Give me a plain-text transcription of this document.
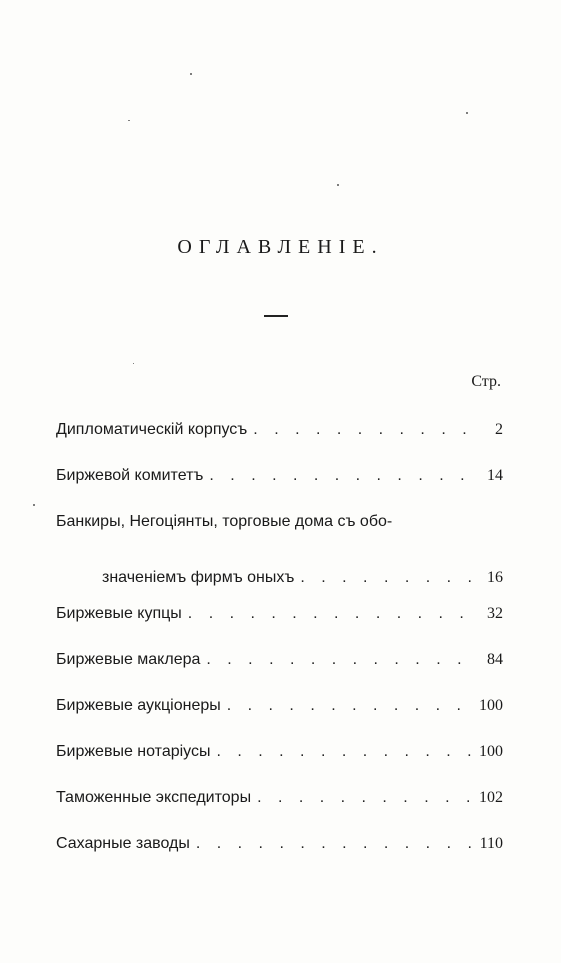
ОГЛАВЛЕНІЕ.
Стр.
Дипломатическій корпусъ . . .	2
Биржевой комитетъ . . .	14
Банкиры, Негоціянты, торговые дома съ обо-
значеніемъ фирмъ оныхъ . . .	16
Биржевые купцы . . .	32
Биржевые маклера . . .	84
Биржевые аукціонеры . . .	100
Биржевые нотаріусы . . .	100
Таможенные экспедиторы . . .	102
Сахарные заводы . . .	110
